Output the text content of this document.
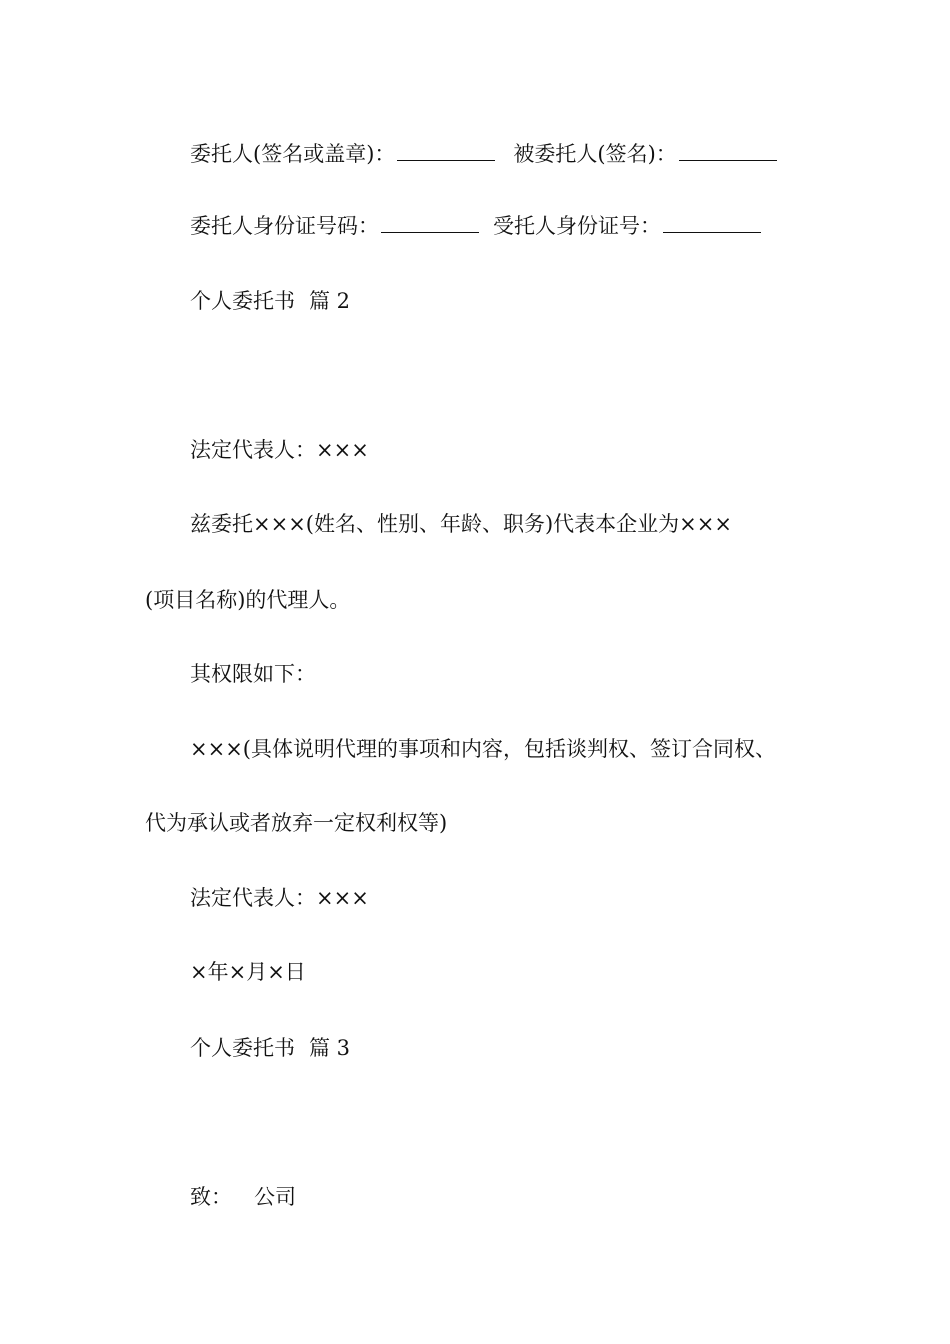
委托人(签名或盖章)：	被委托人(签名)：
委托人身份证号码：	受托人身份证号：
个人委托书 篇 2
法定代表人：×××
兹委托×××(姓名、性别、年龄、职务)代表本企业为×××
(项目名称)的代理人。
其权限如下：
×××(具体说明代理的事项和内容，包括谈判权、签订合同权、
代为承认或者放弃一定权利权等)
法定代表人：×××
×年×月×日
个人委托书 篇 3
致： 公司
